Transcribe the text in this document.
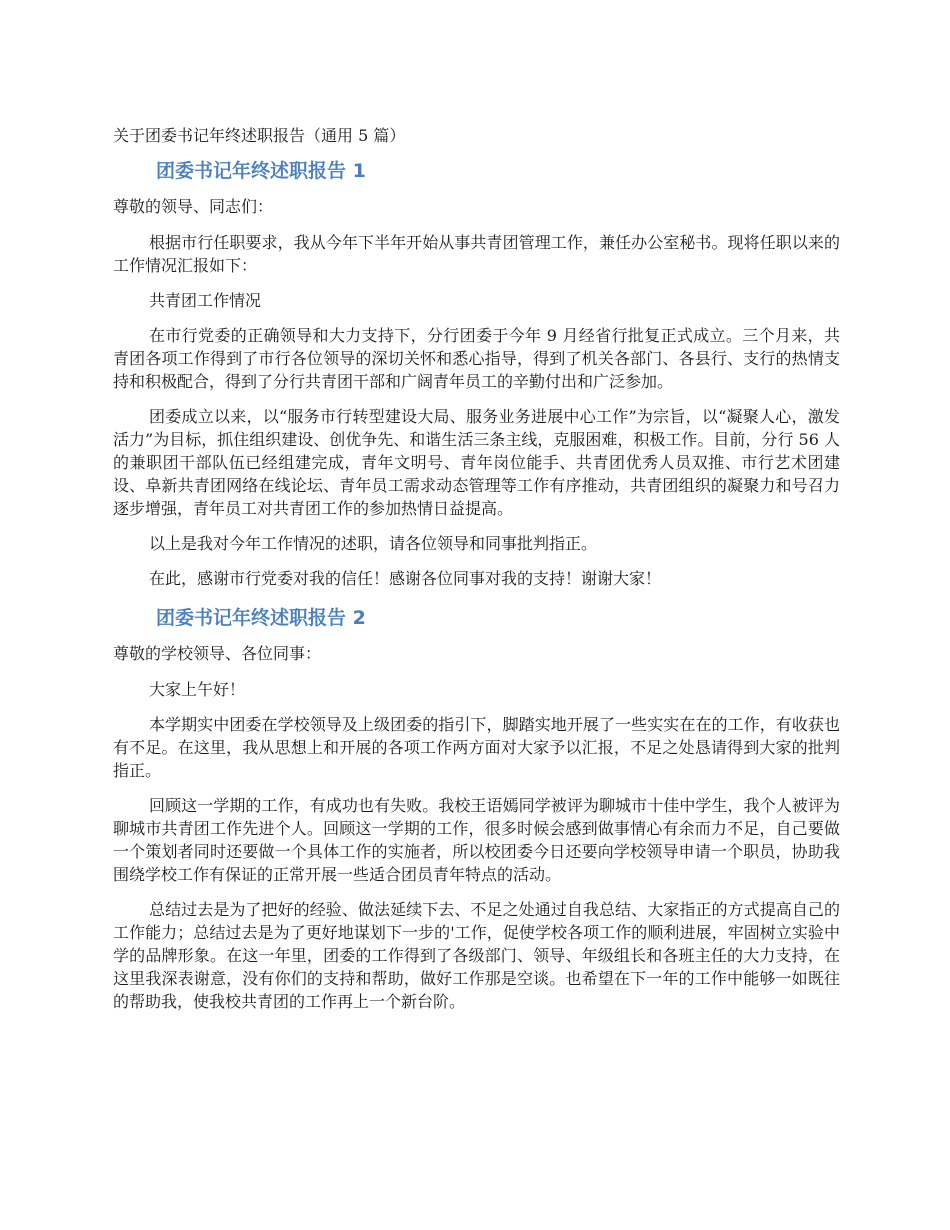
关于团委书记年终述职报告（通用 5 篇）
团委书记年终述职报告 1
尊敬的领导、同志们：
根据市行任职要求，我从今年下半年开始从事共青团管理工作，兼任办公室秘书。现将任职以来的工作情况汇报如下：
共青团工作情况
在市行党委的正确领导和大力支持下，分行团委于今年 9 月经省行批复正式成立。三个月来，共青团各项工作得到了市行各位领导的深切关怀和悉心指导，得到了机关各部门、各县行、支行的热情支持和积极配合，得到了分行共青团干部和广阔青年员工的辛勤付出和广泛参加。
团委成立以来，以“服务市行转型建设大局、服务业务进展中心工作”为宗旨，以“凝聚人心，激发活力”为目标，抓住组织建设、创优争先、和谐生活三条主线，克服困难，积极工作。目前，分行 56 人的兼职团干部队伍已经组建完成，青年文明号、青年岗位能手、共青团优秀人员双推、市行艺术团建设、阜新共青团网络在线论坛、青年员工需求动态管理等工作有序推动，共青团组织的凝聚力和号召力逐步增强，青年员工对共青团工作的参加热情日益提高。
以上是我对今年工作情况的述职，请各位领导和同事批判指正。
在此，感谢市行党委对我的信任！感谢各位同事对我的支持！谢谢大家！
团委书记年终述职报告 2
尊敬的学校领导、各位同事：
大家上午好！
本学期实中团委在学校领导及上级团委的指引下，脚踏实地开展了一些实实在在的工作，有收获也有不足。在这里，我从思想上和开展的各项工作两方面对大家予以汇报，不足之处恳请得到大家的批判指正。
回顾这一学期的工作，有成功也有失败。我校王语嫣同学被评为聊城市十佳中学生，我个人被评为聊城市共青团工作先进个人。回顾这一学期的工作，很多时候会感到做事情心有余而力不足，自己要做一个策划者同时还要做一个具体工作的实施者，所以校团委今日还要向学校领导申请一个职员，协助我围绕学校工作有保证的正常开展一些适合团员青年特点的活动。
总结过去是为了把好的经验、做法延续下去、不足之处通过自我总结、大家指正的方式提高自己的工作能力；总结过去是为了更好地谋划下一步的'工作，促使学校各项工作的顺利进展，牢固树立实验中学的品牌形象。在这一年里，团委的工作得到了各级部门、领导、年级组长和各班主任的大力支持，在这里我深表谢意，没有你们的支持和帮助，做好工作那是空谈。也希望在下一年的工作中能够一如既往的帮助我，使我校共青团的工作再上一个新台阶。
